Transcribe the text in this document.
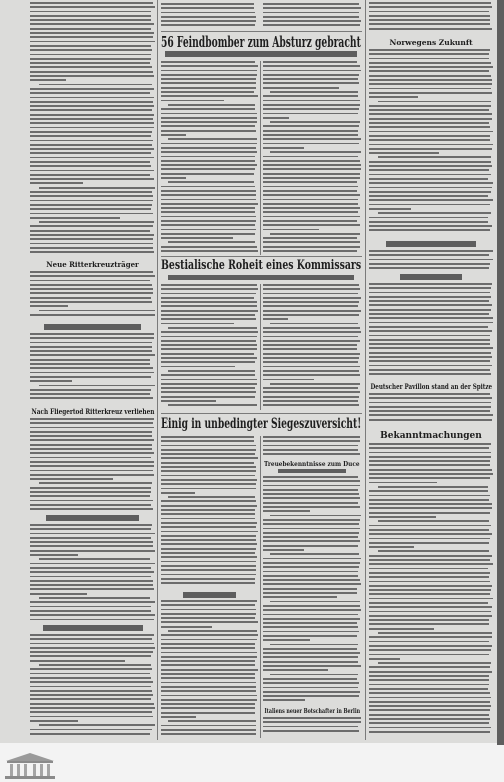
Neue Ritterkreuzträger
Nach Fliegertod Ritterkreuz verliehen
56 Feindbomber zum Absturz gebracht
Bestialische Roheit eines Kommissars
Einig in unbedingter Siegeszuversicht!
Treuebekenntnisse zum Duce
Italiens neuer Botschafter in Berlin
Norwegens Zukunft
Deutscher Pavillon stand an der Spitze
Bekanntmachungen
